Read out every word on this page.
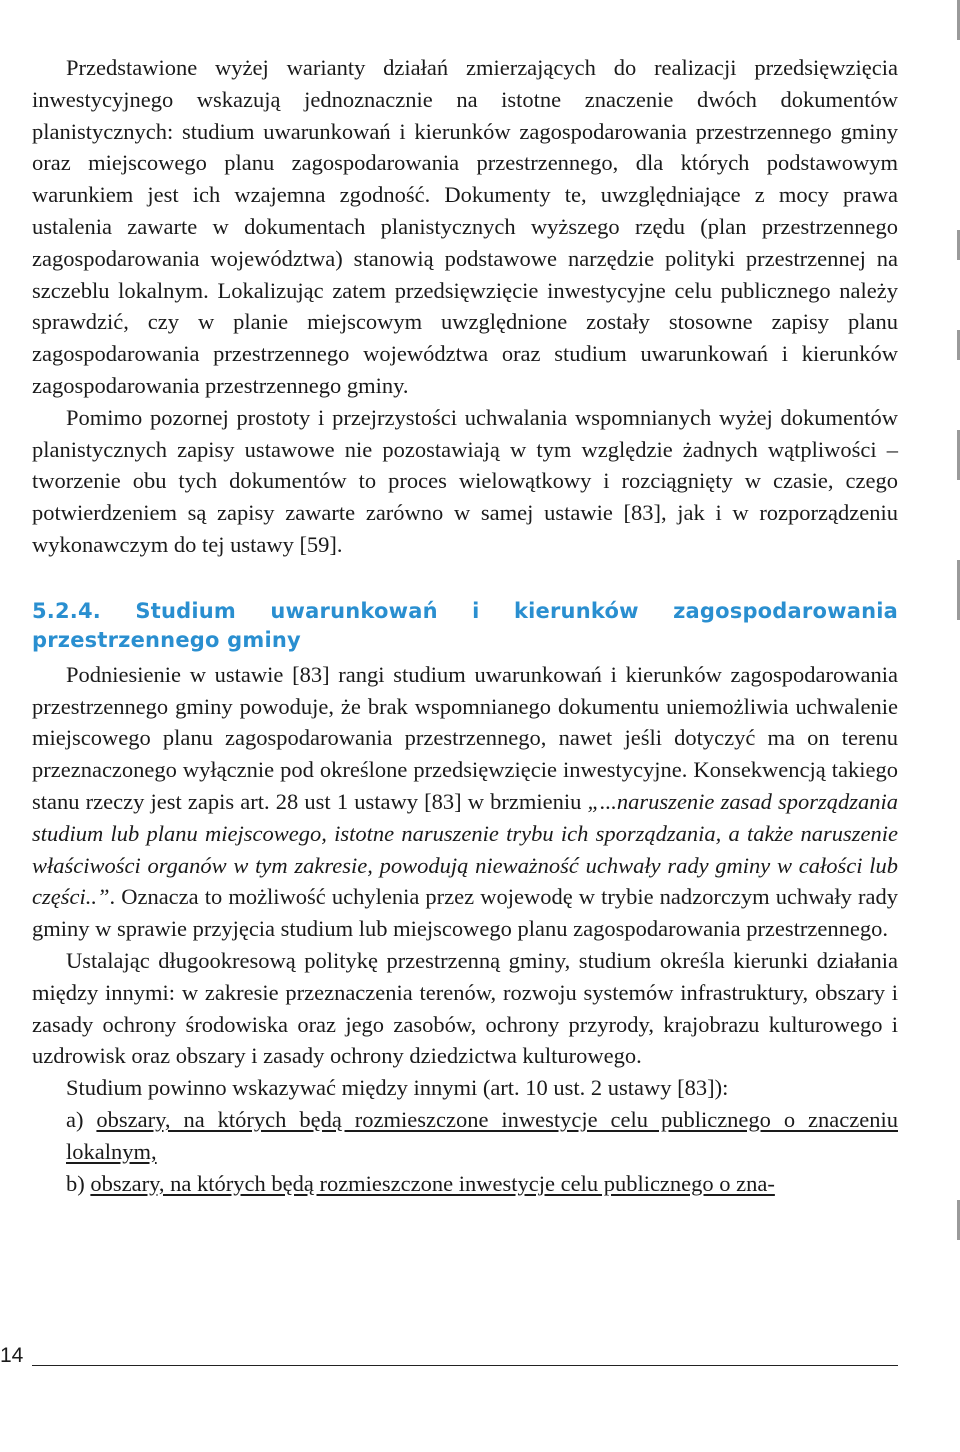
Przedstawione wyżej warianty działań zmierzających do realizacji przedsięwzięcia inwestycyjnego wskazują jednoznacznie na istotne znaczenie dwóch dokumentów planistycznych: studium uwarunkowań i kierunków zagospodarowania przestrzennego gminy oraz miejscowego planu zagospodarowania przestrzennego, dla których podstawowym warunkiem jest ich wzajemna zgodność. Dokumenty te, uwzględniające z mocy prawa ustalenia zawarte w dokumentach planistycznych wyższego rzędu (plan przestrzennego zagospodarowania województwa) stanowią podstawowe narzędzie polityki przestrzennej na szczeblu lokalnym. Lokalizując zatem przedsięwzięcie inwestycyjne celu publicznego należy sprawdzić, czy w planie miejscowym uwzględnione zostały stosowne zapisy planu zagospodarowania przestrzennego województwa oraz studium uwarunkowań i kierunków zagospodarowania przestrzennego gminy.

Pomimo pozornej prostoty i przejrzystości uchwalania wspomnianych wyżej dokumentów planistycznych zapisy ustawowe nie pozostawiają w tym względzie żadnych wątpliwości – tworzenie obu tych dokumentów to proces wielowątkowy i rozciągnięty w czasie, czego potwierdzeniem są zapisy zawarte zarówno w samej ustawie [83], jak i w rozporządzeniu wykonawczym do tej ustawy [59].

5.2.4. Studium uwarunkowań i kierunków zagospodarowania przestrzennego gminy

Podniesienie w ustawie [83] rangi studium uwarunkowań i kierunków zagospodarowania przestrzennego gminy powoduje, że brak wspomnianego dokumentu uniemożliwia uchwalenie miejscowego planu zagospodarowania przestrzennego, nawet jeśli dotyczyć ma on terenu przeznaczonego wyłącznie pod określone przedsięwzięcie inwestycyjne. Konsekwencją takiego stanu rzeczy jest zapis art. 28 ust 1 ustawy [83] w brzmieniu „...naruszenie zasad sporządzania studium lub planu miejscowego, istotne naruszenie trybu ich sporządzania, a także naruszenie właściwości organów w tym zakresie, powodują nieważność uchwały rady gminy w całości lub części..”. Oznacza to możliwość uchylenia przez wojewodę w trybie nadzorczym uchwały rady gminy w sprawie przyjęcia studium lub miejscowego planu zagospodarowania przestrzennego.

Ustalając długookresową politykę przestrzenną gminy, studium określa kierunki działania między innymi: w zakresie przeznaczenia terenów, rozwoju systemów infrastruktury, obszary i zasady ochrony środowiska oraz jego zasobów, ochrony przyrody, krajobrazu kulturowego i uzdrowisk oraz obszary i zasady ochrony dziedzictwa kulturowego.

Studium powinno wskazywać między innymi (art. 10 ust. 2 ustawy [83]):

a) obszary, na których będą rozmieszczone inwestycje celu publicznego o znaczeniu lokalnym,

b) obszary, na których będą rozmieszczone inwestycje celu publicznego o zna-

14
